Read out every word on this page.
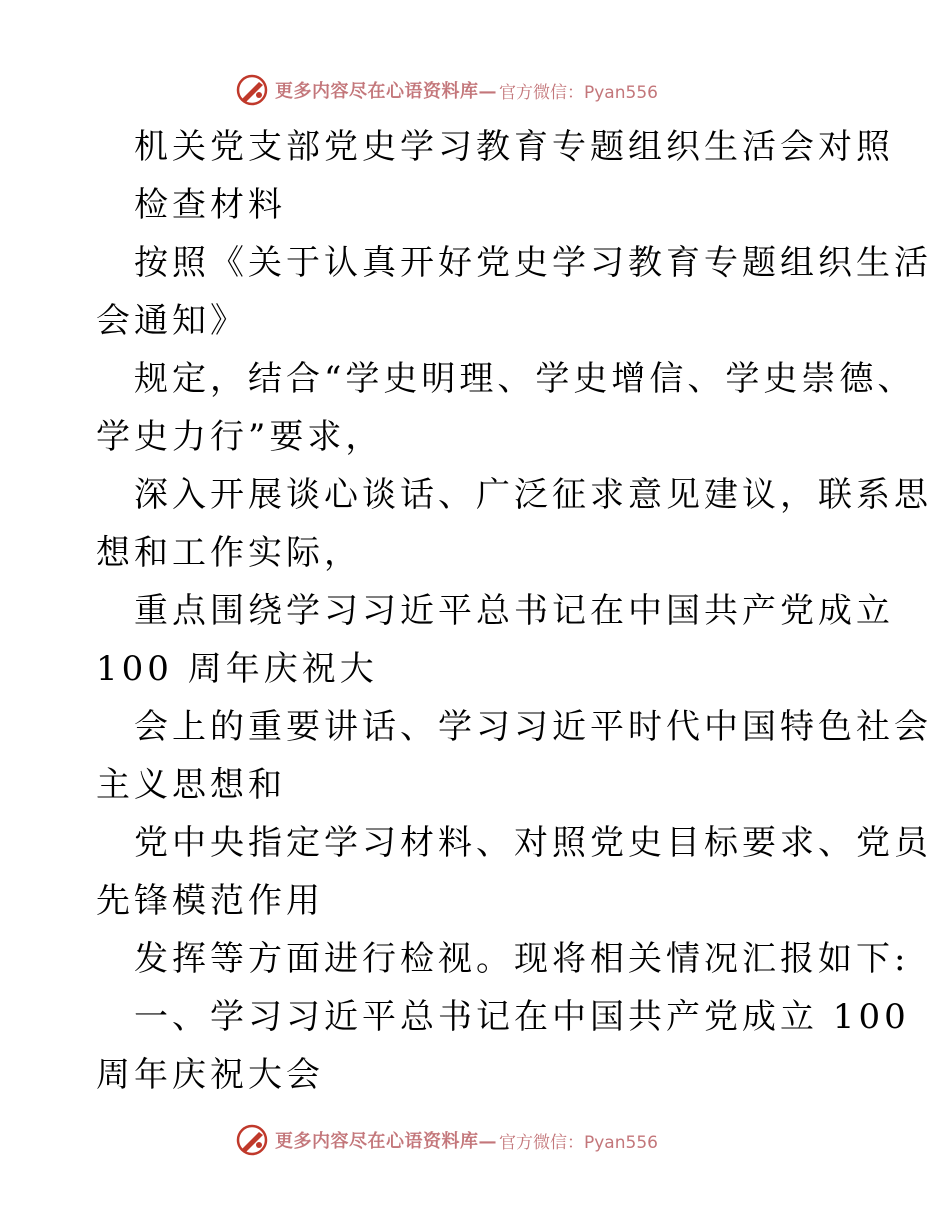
更多内容尽在心语资料库— 官方微信：Pyan556
机关党支部党史学习教育专题组织生活会对照
检查材料
按照《关于认真开好党史学习教育专题组织生活
会通知》
规定，结合“学史明理、学史增信、学史崇德、
学史力行”要求，
深入开展谈心谈话、广泛征求意见建议，联系思
想和工作实际，
重点围绕学习习近平总书记在中国共产党成立
100 周年庆祝大
会上的重要讲话、学习习近平时代中国特色社会
主义思想和
党中央指定学习材料、对照党史目标要求、党员
先锋模范作用
发挥等方面进行检视。现将相关情况汇报如下:
一、学习习近平总书记在中国共产党成立 100
周年庆祝大会
更多内容尽在心语资料库— 官方微信：Pyan556
